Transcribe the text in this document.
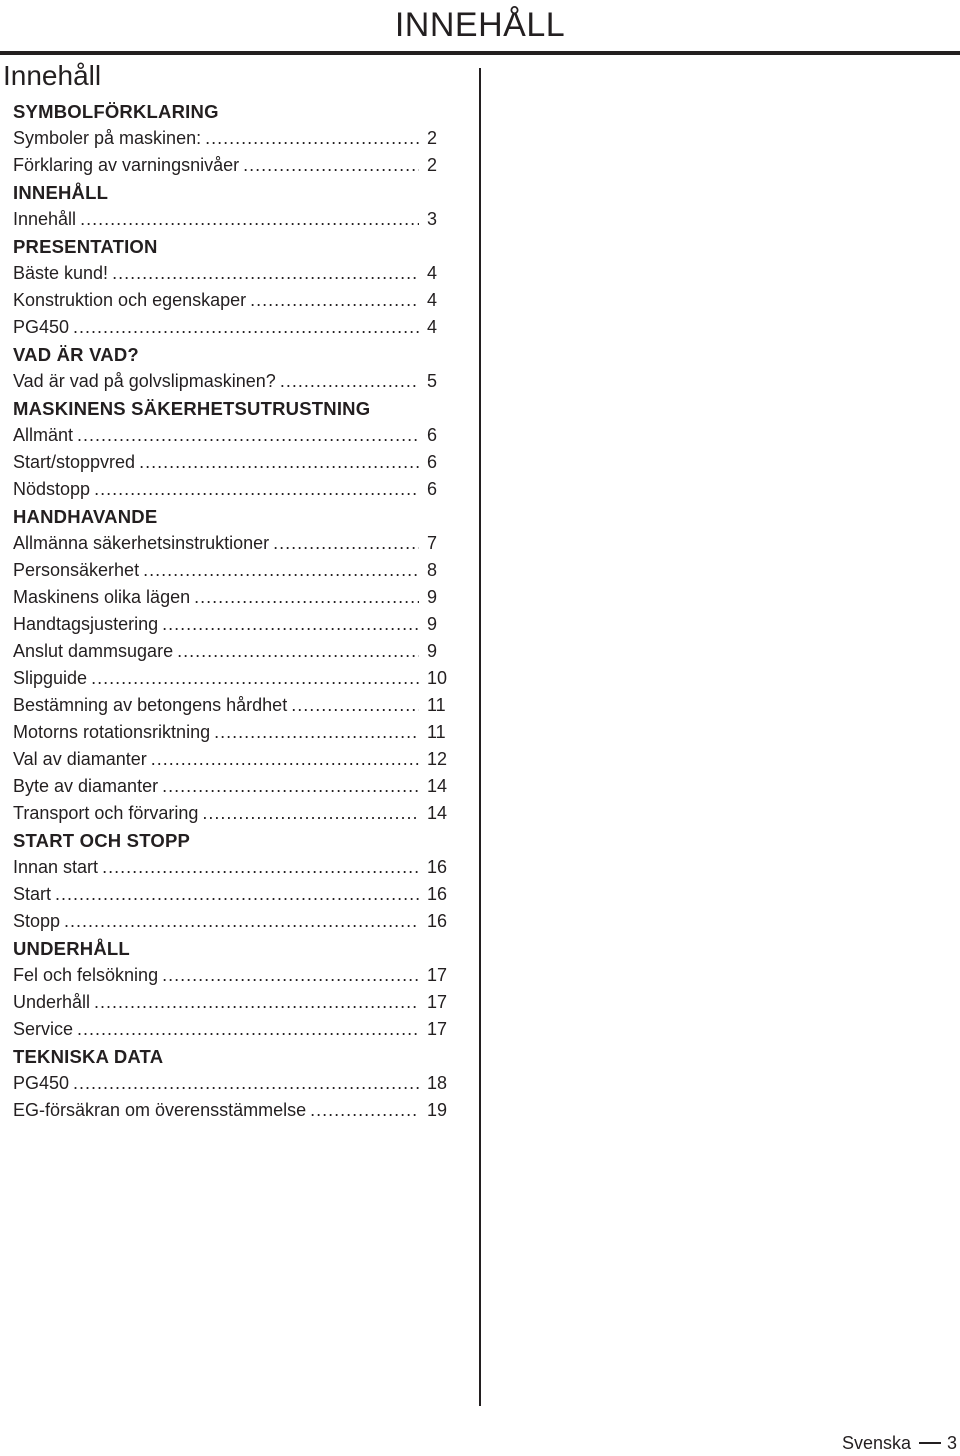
INNEHÅLL
Innehåll
SYMBOLFÖRKLARING
Symboler på maskinen: .....	2
Förklaring av varningsnivåer .....	2
INNEHÅLL
Innehåll .....	3
PRESENTATION
Bäste kund! .....	4
Konstruktion och egenskaper .....	4
PG450 .....	4
VAD ÄR VAD?
Vad är vad på golvslipmaskinen? .....	5
MASKINENS SÄKERHETSUTRUSTNING
Allmänt .....	6
Start/stoppvred .....	6
Nödstopp .....	6
HANDHAVANDE
Allmänna säkerhetsinstruktioner .....	7
Personsäkerhet .....	8
Maskinens olika lägen .....	9
Handtagsjustering .....	9
Anslut dammsugare .....	9
Slipguide .....	10
Bestämning av betongens hårdhet .....	11
Motorns rotationsriktning .....	11
Val av diamanter .....	12
Byte av diamanter .....	14
Transport och förvaring .....	14
START OCH STOPP
Innan start .....	16
Start .....	16
Stopp .....	16
UNDERHÅLL
Fel och felsökning .....	17
Underhåll .....	17
Service .....	17
TEKNISKA DATA
PG450 .....	18
EG-försäkran om överensstämmelse .....	19
Svenska 3
